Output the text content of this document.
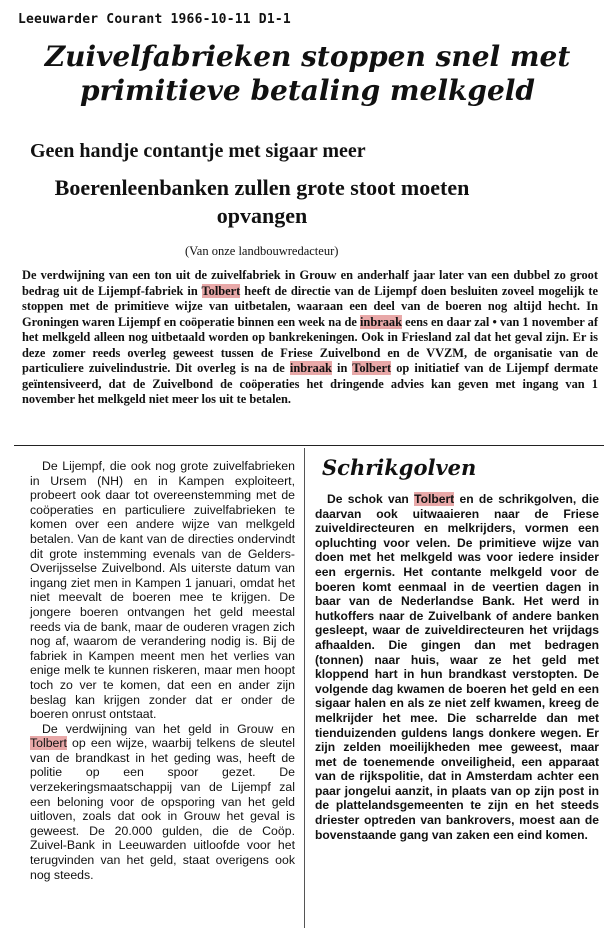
Leeuwarder Courant 1966-10-11 D1-1
Zuivelfabrieken stoppen snel met primitieve betaling melkgeld
Geen handje contantje met sigaar meer
Boerenleenbanken zullen grote stoot moeten opvangen
(Van onze landbouwredacteur)
De verdwijning van een ton uit de zuivelfabriek in Grouw en anderhalf jaar later van een dubbel zo groot bedrag uit de Lijempf-fabriek in Tolbert heeft de directie van de Lijempf doen besluiten zoveel mogelijk te stoppen met de primitieve wijze van uitbetalen, waaraan een deel van de boeren nog altijd hecht. In Groningen waren Lijempf en coöperatie binnen een week na de inbraak eens en daar zal • van 1 november af het melkgeld alleen nog uitbetaald worden op bankrekeningen. Ook in Friesland zal dat het geval zijn. Er is deze zomer reeds overleg geweest tussen de Friese Zuivelbond en de VVZM, de organisatie van de particuliere zuivelindustrie. Dit overleg is na de inbraak in Tolbert op initiatief van de Lijempf dermate geïntensiveerd, dat de Zuivelbond de coöperaties het dringende advies kan geven met ingang van 1 november het melkgeld niet meer los uit te betalen.

De Lijempf, die ook nog grote zuivelfabrieken in Ursem (NH) en in Kampen exploiteert, probeert ook daar tot overeenstemming met de coöperaties en particuliere zuivelfabrieken te komen over een andere wijze van melkgeld betalen. Van de kant van de directies ondervindt dit grote instemming evenals van de Gelders-Overijsselse Zuivelbond. Als uiterste datum van ingang ziet men in Kampen 1 januari, omdat het niet meevalt de boeren mee te krijgen. De jongere boeren ontvangen het geld meestal reeds via de bank, maar de ouderen vragen zich nog af, waarom de verandering nodig is. Bij de fabriek in Kampen meent men het verlies van enige melk te kunnen riskeren, maar men hoopt toch zo ver te komen, dat een en ander zijn beslag kan krijgen zonder dat er onder de boeren onrust ontstaat.

De verdwijning van het geld in Grouw en Tolbert op een wijze, waarbij telkens de sleutel van de brandkast in het geding was, heeft de politie op een spoor gezet. De verzekeringsmaatschappij van de Lijempf zal een beloning voor de opsporing van het geld uitloven, zoals dat ook in Grouw het geval is geweest. De 20.000 gulden, die de Coöp. Zuivel-Bank in Leeuwarden uitloofde voor het terugvinden van het geld, staat overigens ook nog steeds.

Schrikgolven

De schok van Tolbert en de schrikgolven, die daarvan ook uitwaaieren naar de Friese zuiveldirecteuren en melkrijders, vormen een opluchting voor velen. De primitieve wijze van doen met het melkgeld was voor iedere insider een ergernis. Het contante melkgeld voor de boeren komt eenmaal in de veertien dagen in baar van de Nederlandse Bank. Het werd in hutkoffers naar de Zuivelbank of andere banken gesleept, waar de zuiveldirecteuren het vrijdags afhaalden. Die gingen dan met bedragen (tonnen) naar huis, waar ze het geld met kloppend hart in hun brandkast verstopten. De volgende dag kwamen de boeren het geld en een sigaar halen en als ze niet zelf kwamen, kreeg de melkrijder het mee. Die scharrelde dan met tienduizenden guldens langs donkere wegen. Er zijn zelden moeilijkheden mee geweest, maar met de toenemende onveiligheid, een apparaat van de rijkspolitie, dat in Amsterdam achter een paar jongelui aanzit, in plaats van op zijn post in de plattelandsgemeenten te zijn en het steeds driester optreden van bankrovers, moest aan de bovenstaande gang van zaken een eind komen.
